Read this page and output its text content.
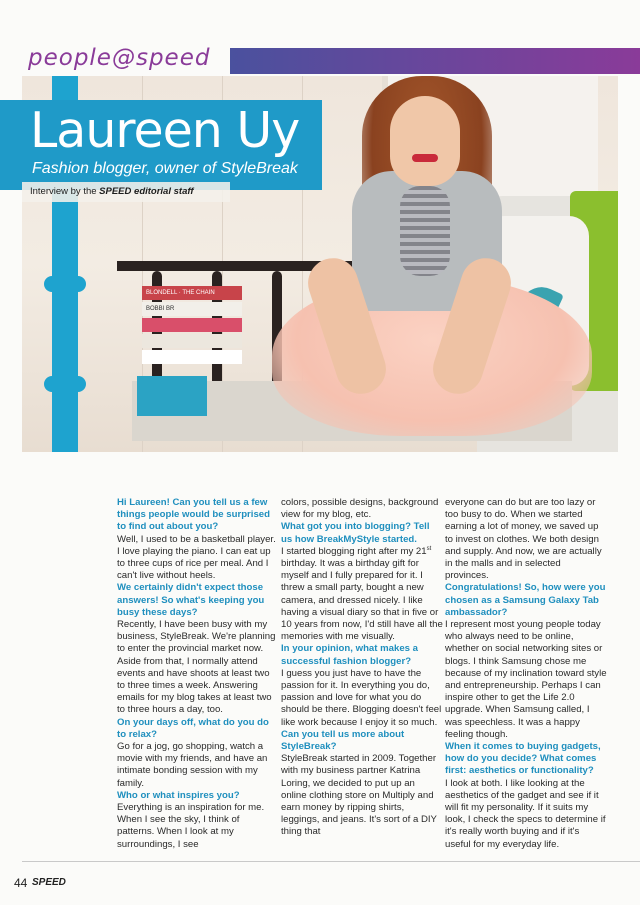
people@speed
BLONDELL · THE CHAIN
BOBBI BR
Laureen Uy
Fashion blogger, owner of StyleBreak
Interview by the SPEED editorial staff

Hi Laureen! Can you tell us a few things people would be surprised to find out about you?

Well, I used to be a basketball player. I love playing the piano. I can eat up to three cups of rice per meal. And I can't live without heels.

We certainly didn't expect those answers! So what's keeping you busy these days?

Recently, I have been busy with my business, StyleBreak. We're planning to enter the provincial market now. Aside from that, I normally attend events and have shoots at least two to three times a week. Answering emails for my blog takes at least two to three hours a day, too.

On your days off, what do you do to relax?

Go for a jog, go shopping, watch a movie with my friends, and have an intimate bonding session with my family.

Who or what inspires you?

Everything is an inspiration for me. When I see the sky, I think of patterns. When I look at my surroundings, I see

colors, possible designs, background view for my blog, etc.

What got you into blogging? Tell us how BreakMyStyle started.

I started blogging right after my 21st birthday. It was a birthday gift for myself and I fully prepared for it. I threw a small party, bought a new camera, and dressed nicely. I like having a visual diary so that in five or 10 years from now, I'd still have all the memories with me visually.

In your opinion, what makes a successful fashion blogger?

I guess you just have to have the passion for it. In everything you do, passion and love for what you do should be there. Blogging doesn't feel like work because I enjoy it so much.

Can you tell us more about StyleBreak?

StyleBreak started in 2009. Together with my business partner Katrina Loring, we decided to put up an online clothing store on Multiply and earn money by ripping shirts, leggings, and jeans. It's sort of a DIY thing that

everyone can do but are too lazy or too busy to do. When we started earning a lot of money, we saved up to invest on clothes. We both design and supply. And now, we are actually in the malls and in selected provinces.

Congratulations! So, how were you chosen as a Samsung Galaxy Tab ambassador?

I represent most young people today who always need to be online, whether on social networking sites or blogs. I think Samsung chose me because of my inclination toward style and entrepreneurship. Perhaps I can inspire other to get the Life 2.0 upgrade. When Samsung called, I was speechless. It was a happy feeling though.

When it comes to buying gadgets, how do you decide? What comes first: aesthetics or functionality?

I look at both. I like looking at the aesthetics of the gadget and see if it will fit my personality. If it suits my look, I check the specs to determine if it's really worth buying and if it's useful for my everyday life.

44 SPEED
